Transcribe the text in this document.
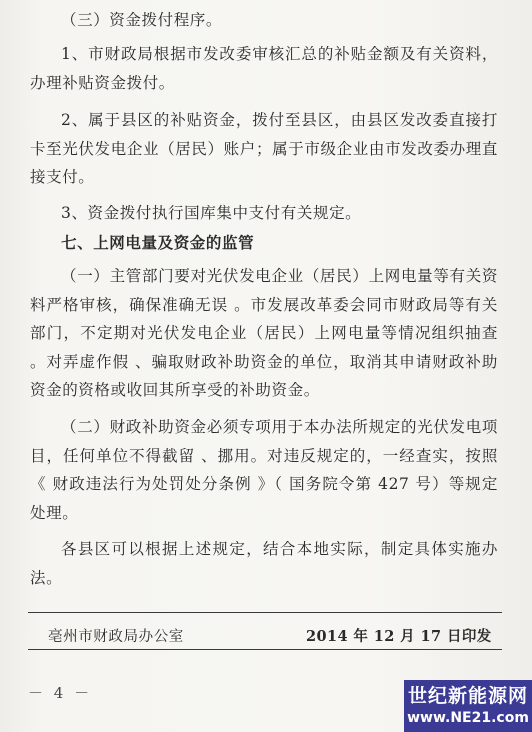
（三）资金拨付程序。

1、市财政局根据市发改委审核汇总的补贴金额及有关资料，办理补贴资金拨付。

2、属于县区的补贴资金，拨付至县区，由县区发改委直接打卡至光伏发电企业（居民）账户；属于市级企业由市发改委办理直接支付。

3、资金拨付执行国库集中支付有关规定。

七、上网电量及资金的监管

（一）主管部门要对光伏发电企业（居民）上网电量等有关资料严格审核，确保准确无误 。市发展改革委会同市财政局等有关部门，不定期对光伏发电企业（居民）上网电量等情况组织抽查 。对弄虚作假 、骗取财政补助资金的单位，取消其申请财政补助资金的资格或收回其所享受的补助资金。

（二）财政补助资金必须专项用于本办法所规定的光伏发电项目，任何单位不得截留 、挪用。对违反规定的，一经查实，按照《 财政违法行为处罚处分条例 》（ 国务院令第 427 号）等规定处理。

各县区可以根据上述规定，结合本地实际，制定具体实施办法。

亳州市财政局办公室	2014 年 12 月 17 日印发
－ 4 －	世纪新能源网
www.NE21.com
